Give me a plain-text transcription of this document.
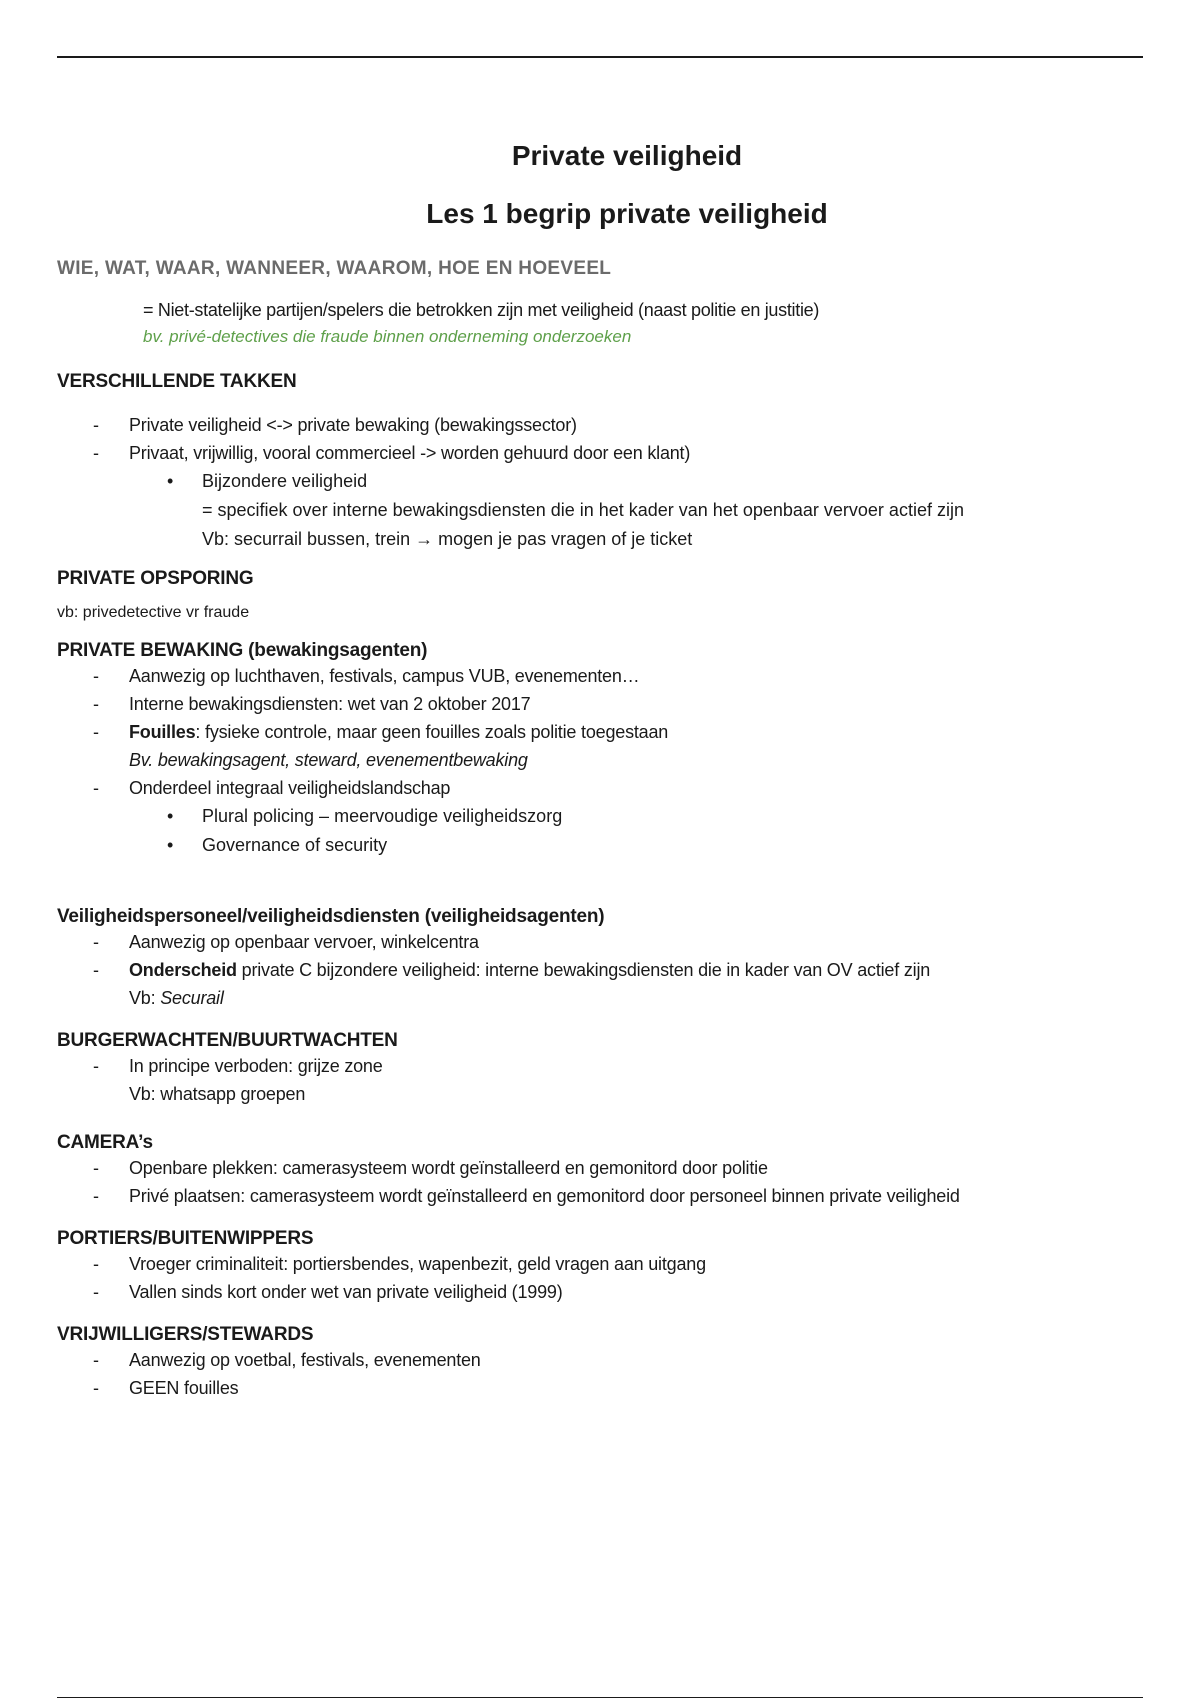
Private veiligheid
Les 1 begrip private veiligheid
WIE, WAT, WAAR, WANNEER, WAAROM, HOE EN HOEVEEL
= Niet-statelijke partijen/spelers die betrokken zijn met veiligheid (naast politie en justitie)
bv. privé-detectives die fraude binnen onderneming onderzoeken
VERSCHILLENDE TAKKEN
- Private veiligheid <-> private bewaking (bewakingssector)
- Privaat, vrijwillig, vooral commercieel -> worden gehuurd door een klant)
• Bijzondere veiligheid
= specifiek over interne bewakingsdiensten die in het kader van het openbaar vervoer actief zijn
Vb: securrail bussen, trein → mogen je pas vragen of je ticket
PRIVATE OPSPORING
vb: privedetective vr fraude
PRIVATE BEWAKING (bewakingsagenten)
- Aanwezig op luchthaven, festivals, campus VUB, evenementen…
- Interne bewakingsdiensten: wet van 2 oktober 2017
- Fouilles: fysieke controle, maar geen fouilles zoals politie toegestaan
Bv. bewakingsagent, steward, evenementbewaking
- Onderdeel integraal veiligheidslandschap
• Plural policing – meervoudige veiligheidszorg
• Governance of security
Veiligheidspersoneel/veiligheidsdiensten (veiligheidsagenten)
- Aanwezig op openbaar vervoer, winkelcentra
- Onderscheid private C bijzondere veiligheid: interne bewakingsdiensten die in kader van OV actief zijn
Vb: Securail
BURGERWACHTEN/BUURTWACHTEN
- In principe verboden: grijze zone
Vb: whatsapp groepen
CAMERA’s
- Openbare plekken: camerasysteem wordt geïnstalleerd en gemonitord door politie
- Privé plaatsen: camerasysteem wordt geïnstalleerd en gemonitord door personeel binnen private veiligheid
PORTIERS/BUITENWIPPERS
- Vroeger criminaliteit: portiersbendes, wapenbezit, geld vragen aan uitgang
- Vallen sinds kort onder wet van private veiligheid (1999)
VRIJWILLIGERS/STEWARDS
- Aanwezig op voetbal, festivals, evenementen
- GEEN fouilles
